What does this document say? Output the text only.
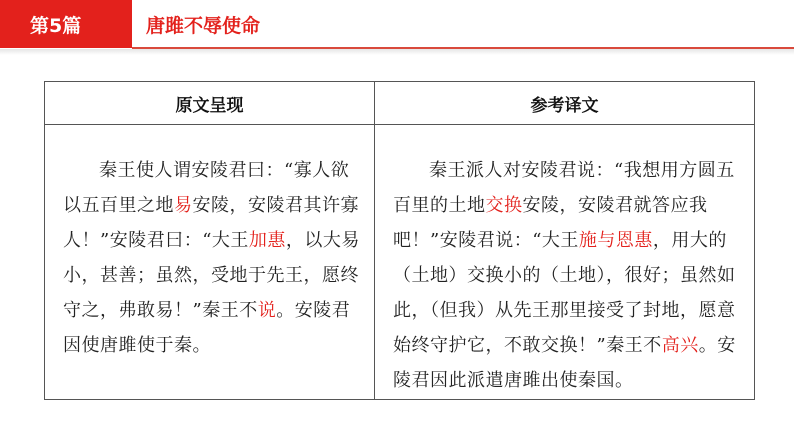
第5篇	唐雎不辱使命
原文呈现	参考译文

秦王使人谓安陵君曰：“寡人欲以五百里之地易安陵，安陵君其许寡人！”安陵君曰：“大王加惠，以大易小，甚善；虽然，受地于先王，愿终守之，弗敢易！”秦王不说。安陵君因使唐雎使于秦。	秦王派人对安陵君说：“我想用方圆五百里的土地交换安陵，安陵君就答应我吧！”安陵君说：“大王施与恩惠，用大的（土地）交换小的（土地），很好；虽然如此，（但我）从先王那里接受了封地，愿意始终守护它，不敢交换！”秦王不高兴。安陵君因此派遣唐雎出使秦国。
